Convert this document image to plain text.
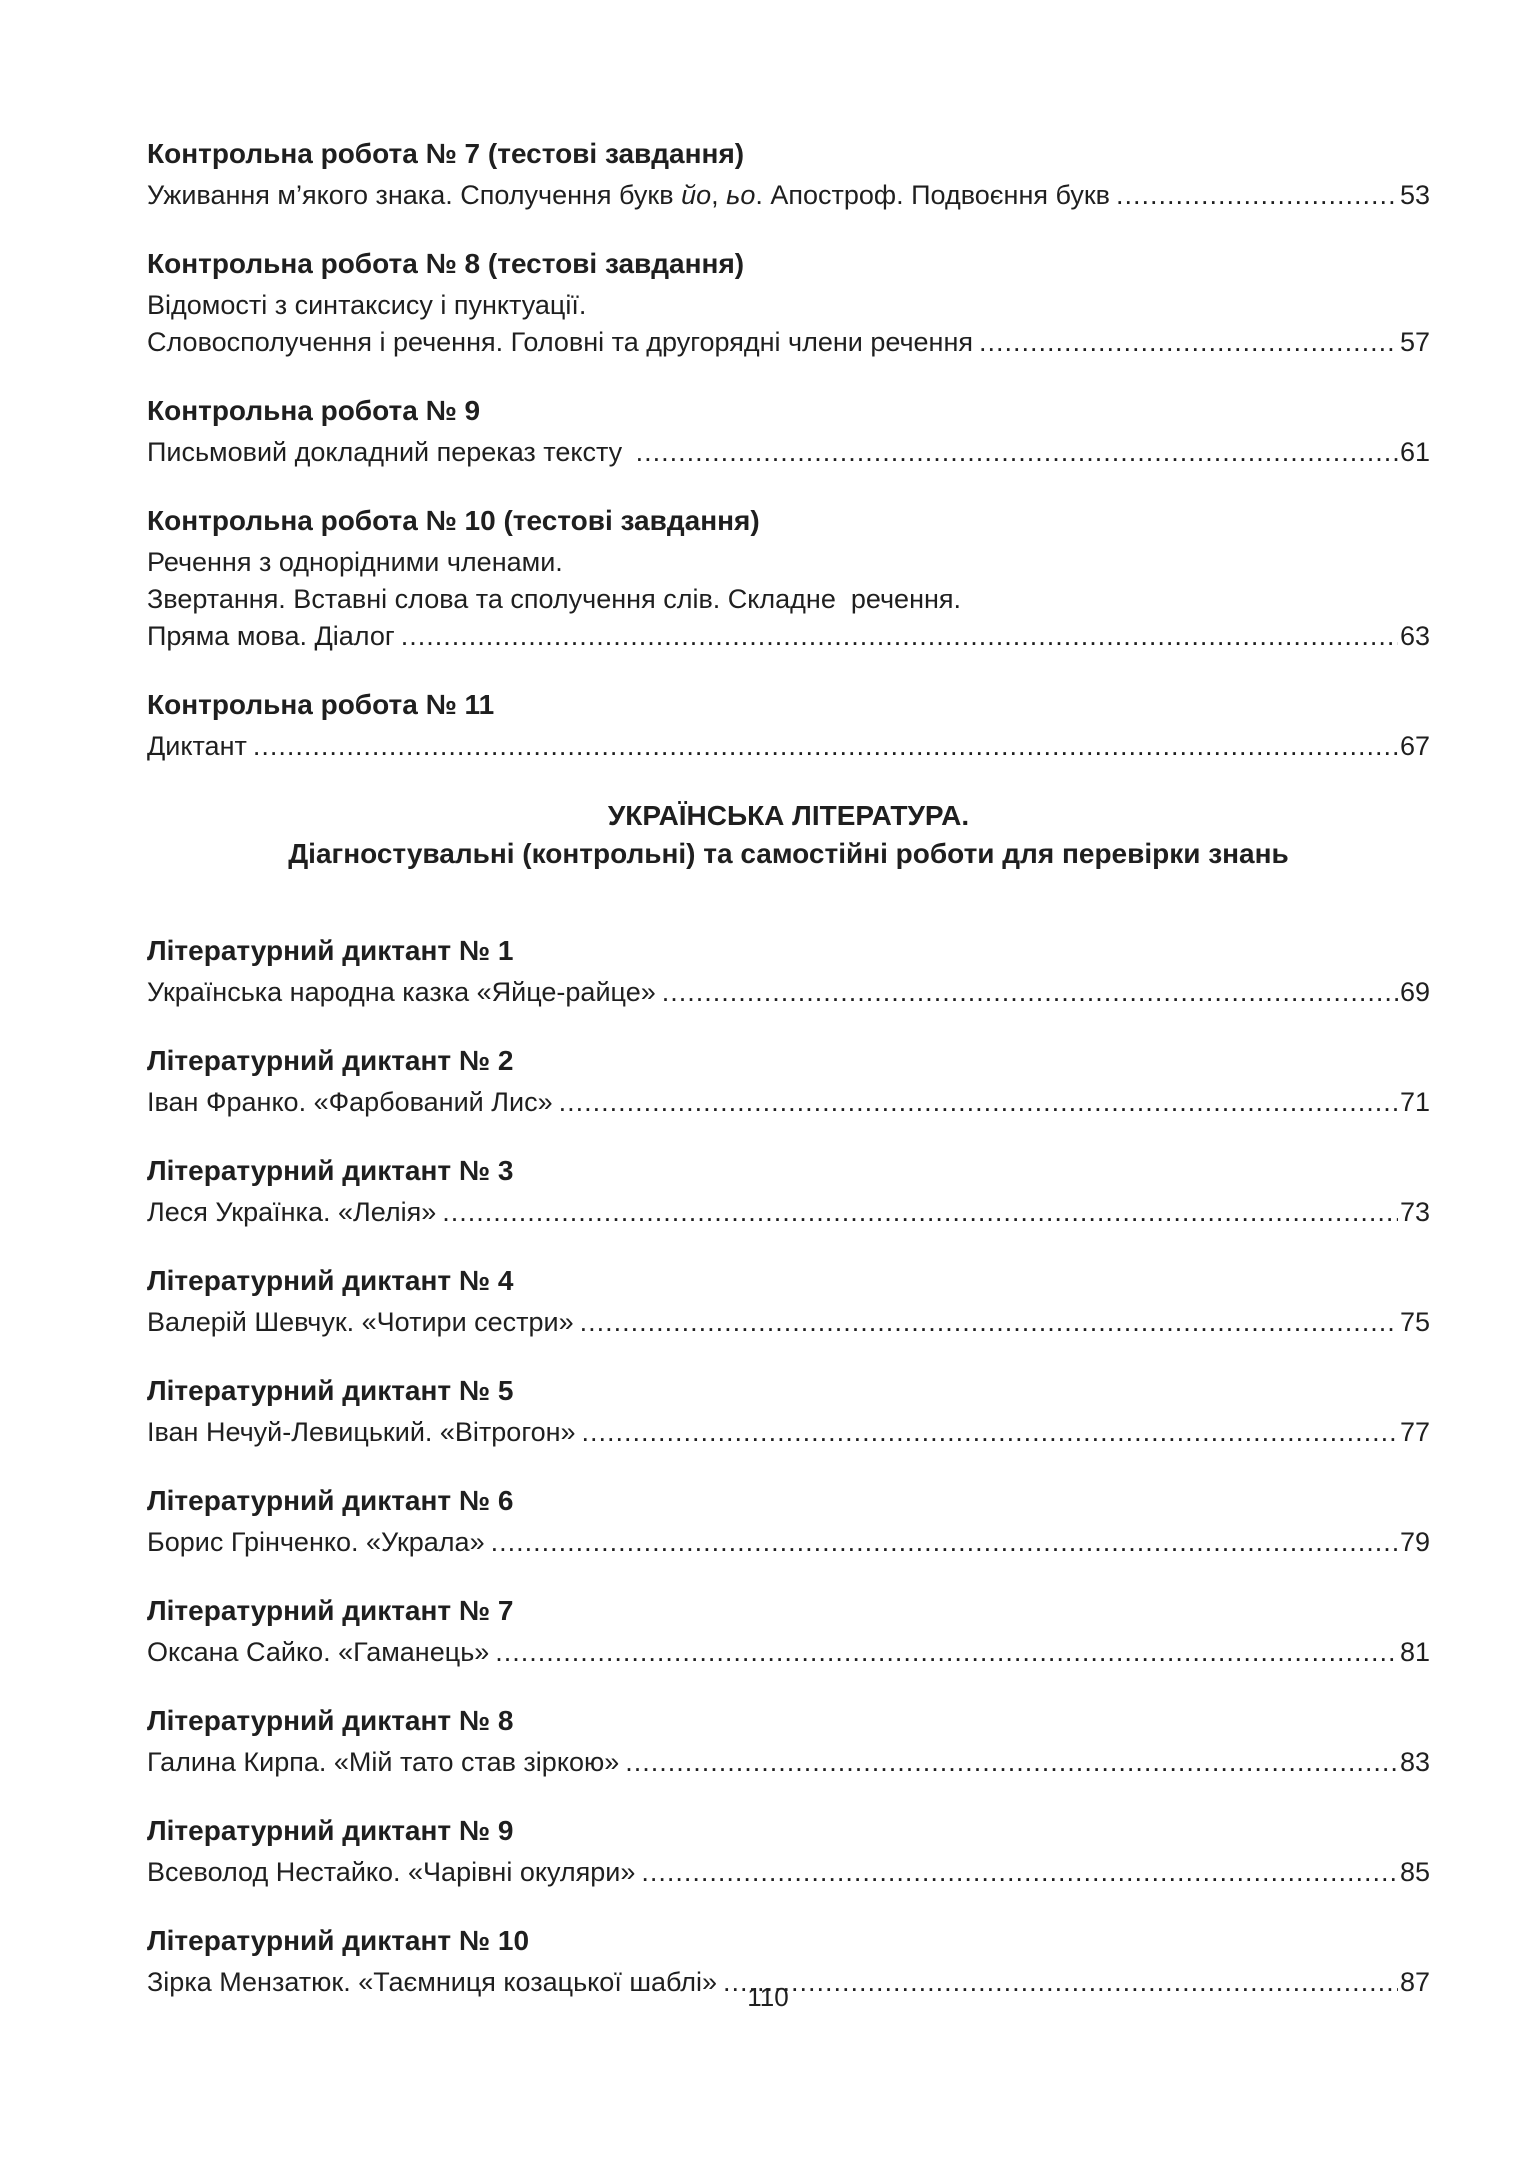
Контрольна робота № 7 (тестові завдання)
Уживання м’якого знака. Сполучення букв йо, ьо. Апостроф. Подвоєння букв .....	53
Контрольна робота № 8 (тестові завдання)
Відомості з синтаксису і пунктуації.
Словосполучення і речення. Головні та другорядні члени речення .....	57
Контрольна робота № 9
Письмовий докладний переказ тексту .....	61
Контрольна робота № 10 (тестові завдання)
Речення з однорідними членами.
Звертання. Вставні слова та сполучення слів. Складне  речення.
Пряма мова. Діалог .....	63
Контрольна робота № 11
Диктант .....	67
УКРАЇНСЬКА ЛІТЕРАТУРА.
Діагностувальні (контрольні) та самостійні роботи для перевірки знань
Літературний диктант № 1
Українська народна казка «Яйце-райце» .....	69
Літературний диктант № 2
Іван Франко. «Фарбований Лис» .....	71
Літературний диктант № 3
Леся Українка. «Лелія» .....	73
Літературний диктант № 4
Валерій Шевчук. «Чотири сестри» .....	75
Літературний диктант № 5
Іван Нечуй-Левицький. «Вітрогон» .....	77
Літературний диктант № 6
Борис Грінченко. «Украла» .....	79
Літературний диктант № 7
Оксана Сайко. «Гаманець» .....	81
Літературний диктант № 8
Галина Кирпа. «Мій тато став зіркою» .....	83
Літературний диктант № 9
Всеволод Нестайко. «Чарівні окуляри» .....	85
Літературний диктант № 10
Зірка Мензатюк. «Таємниця козацької шаблі» .....	87
110
